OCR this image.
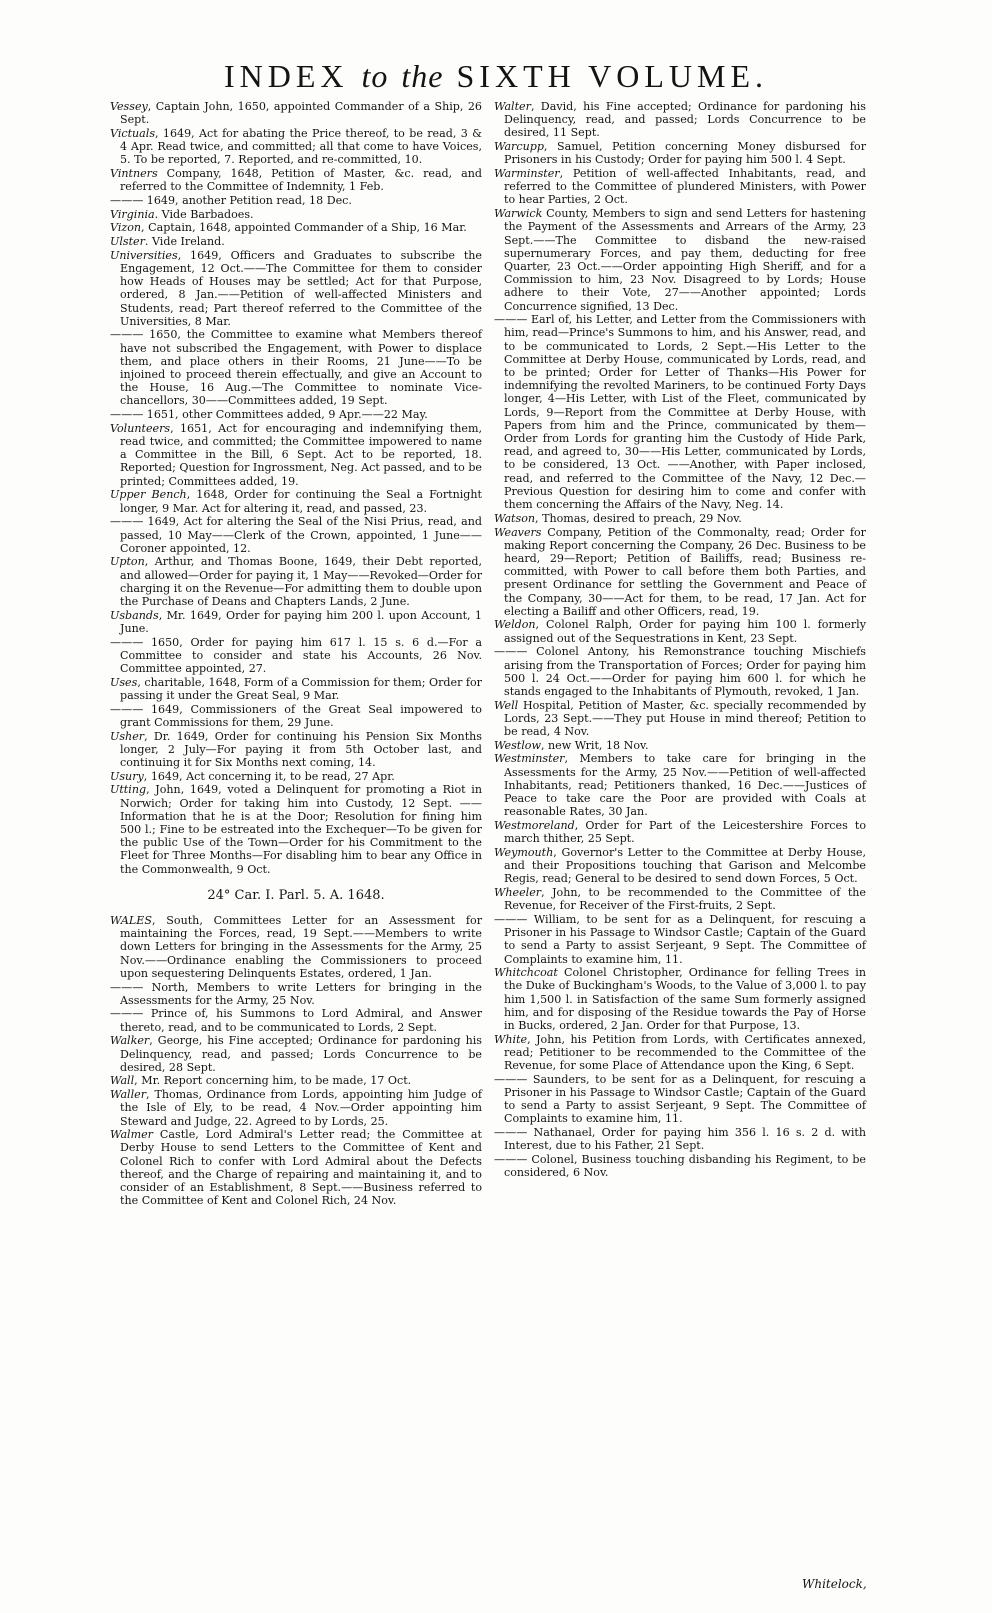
INDEX to the SIXTH VOLUME.
Vessey, Captain John, 1650, appointed Commander of a Ship, 26 Sept.
Victuals, 1649, Act for abating the Price thereof, to be read, 3 & 4 Apr. Read twice, and committed; all that come to have Voices, 5. To be reported, 7. Reported, and re-committed, 10.
Vintners Company, 1648, Petition of Master, &c. read, and referred to the Committee of Indemnity, 1 Feb.
——— 1649, another Petition read, 18 Dec.
Virginia. Vide Barbadoes.
Vizon, Captain, 1648, appointed Commander of a Ship, 16 Mar.
Ulster. Vide Ireland.
Universities, 1649, Officers and Graduates to subscribe the Engagement, 12 Oct.——The Committee for them to consider how Heads of Houses may be settled; Act for that Purpose, ordered, 8 Jan.——Petition of well-affected Ministers and Students, read; Part thereof referred to the Committee of the Universities, 8 Mar.
——— 1650, the Committee to examine what Members thereof have not subscribed the Engagement, with Power to displace them, and place others in their Rooms, 21 June——To be injoined to proceed therein effectually, and give an Account to the House, 16 Aug.—The Committee to nominate Vice-chancellors, 30——Committees added, 19 Sept.
——— 1651, other Committees added, 9 Apr.——22 May.
Volunteers, 1651, Act for encouraging and indemnifying them, read twice, and committed; the Committee impowered to name a Committee in the Bill, 6 Sept. Act to be reported, 18. Reported; Question for Ingrossment, Neg. Act passed, and to be printed; Committees added, 19.
Upper Bench, 1648, Order for continuing the Seal a Fortnight longer, 9 Mar. Act for altering it, read, and passed, 23.
——— 1649, Act for altering the Seal of the Nisi Prius, read, and passed, 10 May——Clerk of the Crown, appointed, 1 June——Coroner appointed, 12.
Upton, Arthur, and Thomas Boone, 1649, their Debt reported, and allowed—Order for paying it, 1 May——Revoked—Order for charging it on the Revenue—For admitting them to double upon the Purchase of Deans and Chapters Lands, 2 June.
Usbands, Mr. 1649, Order for paying him 200 l. upon Account, 1 June.
——— 1650, Order for paying him 617 l. 15 s. 6 d.—For a Committee to consider and state his Accounts, 26 Nov. Committee appointed, 27.
Uses, charitable, 1648, Form of a Commission for them; Order for passing it under the Great Seal, 9 Mar.
——— 1649, Commissioners of the Great Seal impowered to grant Commissions for them, 29 June.
Usher, Dr. 1649, Order for continuing his Pension Six Months longer, 2 July—For paying it from 5th October last, and continuing it for Six Months next coming, 14.
Usury, 1649, Act concerning it, to be read, 27 Apr.
Utting, John, 1649, voted a Delinquent for promoting a Riot in Norwich; Order for taking him into Custody, 12 Sept. ——Information that he is at the Door; Resolution for fining him 500 l.; Fine to be estreated into the Exchequer—To be given for the public Use of the Town—Order for his Commitment to the Fleet for Three Months—For disabling him to bear any Office in the Commonwealth, 9 Oct.
24° Car. I. Parl. 5. A. 1648.
WALES, South, Committees Letter for an Assessment for maintaining the Forces, read, 19 Sept.——Members to write down Letters for bringing in the Assessments for the Army, 25 Nov.——Ordinance enabling the Commissioners to proceed upon sequestering Delinquents Estates, ordered, 1 Jan.
——— North, Members to write Letters for bringing in the Assessments for the Army, 25 Nov.
——— Prince of, his Summons to Lord Admiral, and Answer thereto, read, and to be communicated to Lords, 2 Sept.
Walker, George, his Fine accepted; Ordinance for pardoning his Delinquency, read, and passed; Lords Concurrence to be desired, 28 Sept.
Wall, Mr. Report concerning him, to be made, 17 Oct.
Waller, Thomas, Ordinance from Lords, appointing him Judge of the Isle of Ely, to be read, 4 Nov.—Order appointing him Steward and Judge, 22. Agreed to by Lords, 25.
Walmer Castle, Lord Admiral's Letter read; the Committee at Derby House to send Letters to the Committee of Kent and Colonel Rich to confer with Lord Admiral about the Defects thereof, and the Charge of repairing and maintaining it, and to consider of an Establishment, 8 Sept.——Business referred to the Committee of Kent and Colonel Rich, 24 Nov.
Walter, David, his Fine accepted; Ordinance for pardoning his Delinquency, read, and passed; Lords Concurrence to be desired, 11 Sept.
Warcupp, Samuel, Petition concerning Money disbursed for Prisoners in his Custody; Order for paying him 500 l. 4 Sept.
Warminster, Petition of well-affected Inhabitants, read, and referred to the Committee of plundered Ministers, with Power to hear Parties, 2 Oct.
Warwick County, Members to sign and send Letters for hastening the Payment of the Assessments and Arrears of the Army, 23 Sept.——The Committee to disband the new-raised supernumerary Forces, and pay them, deducting for free Quarter, 23 Oct.——Order appointing High Sheriff, and for a Commission to him, 23 Nov. Disagreed to by Lords; House adhere to their Vote, 27——Another appointed; Lords Concurrence signified, 13 Dec.
——— Earl of, his Letter, and Letter from the Commissioners with him, read—Prince's Summons to him, and his Answer, read, and to be communicated to Lords, 2 Sept.—His Letter to the Committee at Derby House, communicated by Lords, read, and to be printed; Order for Letter of Thanks—His Power for indemnifying the revolted Mariners, to be continued Forty Days longer, 4—His Letter, with List of the Fleet, communicated by Lords, 9—Report from the Committee at Derby House, with Papers from him and the Prince, communicated by them—Order from Lords for granting him the Custody of Hide Park, read, and agreed to, 30——His Letter, communicated by Lords, to be considered, 13 Oct. ——Another, with Paper inclosed, read, and referred to the Committee of the Navy, 12 Dec.—Previous Question for desiring him to come and confer with them concerning the Affairs of the Navy, Neg. 14.
Watson, Thomas, desired to preach, 29 Nov.
Weavers Company, Petition of the Commonalty, read; Order for making Report concerning the Company, 26 Dec. Business to be heard, 29—Report; Petition of Bailiffs, read; Business re-committed, with Power to call before them both Parties, and present Ordinance for settling the Government and Peace of the Company, 30——Act for them, to be read, 17 Jan. Act for electing a Bailiff and other Officers, read, 19.
Weldon, Colonel Ralph, Order for paying him 100 l. formerly assigned out of the Sequestrations in Kent, 23 Sept.
——— Colonel Antony, his Remonstrance touching Mischiefs arising from the Transportation of Forces; Order for paying him 500 l. 24 Oct.——Order for paying him 600 l. for which he stands engaged to the Inhabitants of Plymouth, revoked, 1 Jan.
Well Hospital, Petition of Master, &c. specially recommended by Lords, 23 Sept.——They put House in mind thereof; Petition to be read, 4 Nov.
Westlow, new Writ, 18 Nov.
Westminster, Members to take care for bringing in the Assessments for the Army, 25 Nov.——Petition of well-affected Inhabitants, read; Petitioners thanked, 16 Dec.——Justices of Peace to take care the Poor are provided with Coals at reasonable Rates, 30 Jan.
Westmoreland, Order for Part of the Leicestershire Forces to march thither, 25 Sept.
Weymouth, Governor's Letter to the Committee at Derby House, and their Propositions touching that Garison and Melcombe Regis, read; General to be desired to send down Forces, 5 Oct.
Wheeler, John, to be recommended to the Committee of the Revenue, for Receiver of the First-fruits, 2 Sept.
——— William, to be sent for as a Delinquent, for rescuing a Prisoner in his Passage to Windsor Castle; Captain of the Guard to send a Party to assist Serjeant, 9 Sept. The Committee of Complaints to examine him, 11.
Whitchcoat Colonel Christopher, Ordinance for felling Trees in the Duke of Buckingham's Woods, to the Value of 3,000 l. to pay him 1,500 l. in Satisfaction of the same Sum formerly assigned him, and for disposing of the Residue towards the Pay of Horse in Bucks, ordered, 2 Jan. Order for that Purpose, 13.
White, John, his Petition from Lords, with Certificates annexed, read; Petitioner to be recommended to the Committee of the Revenue, for some Place of Attendance upon the King, 6 Sept.
——— Saunders, to be sent for as a Delinquent, for rescuing a Prisoner in his Passage to Windsor Castle; Captain of the Guard to send a Party to assist Serjeant, 9 Sept. The Committee of Complaints to examine him, 11.
——— Nathanael, Order for paying him 356 l. 16 s. 2 d. with Interest, due to his Father, 21 Sept.
——— Colonel, Business touching disbanding his Regiment, to be considered, 6 Nov.
Whitelock,
